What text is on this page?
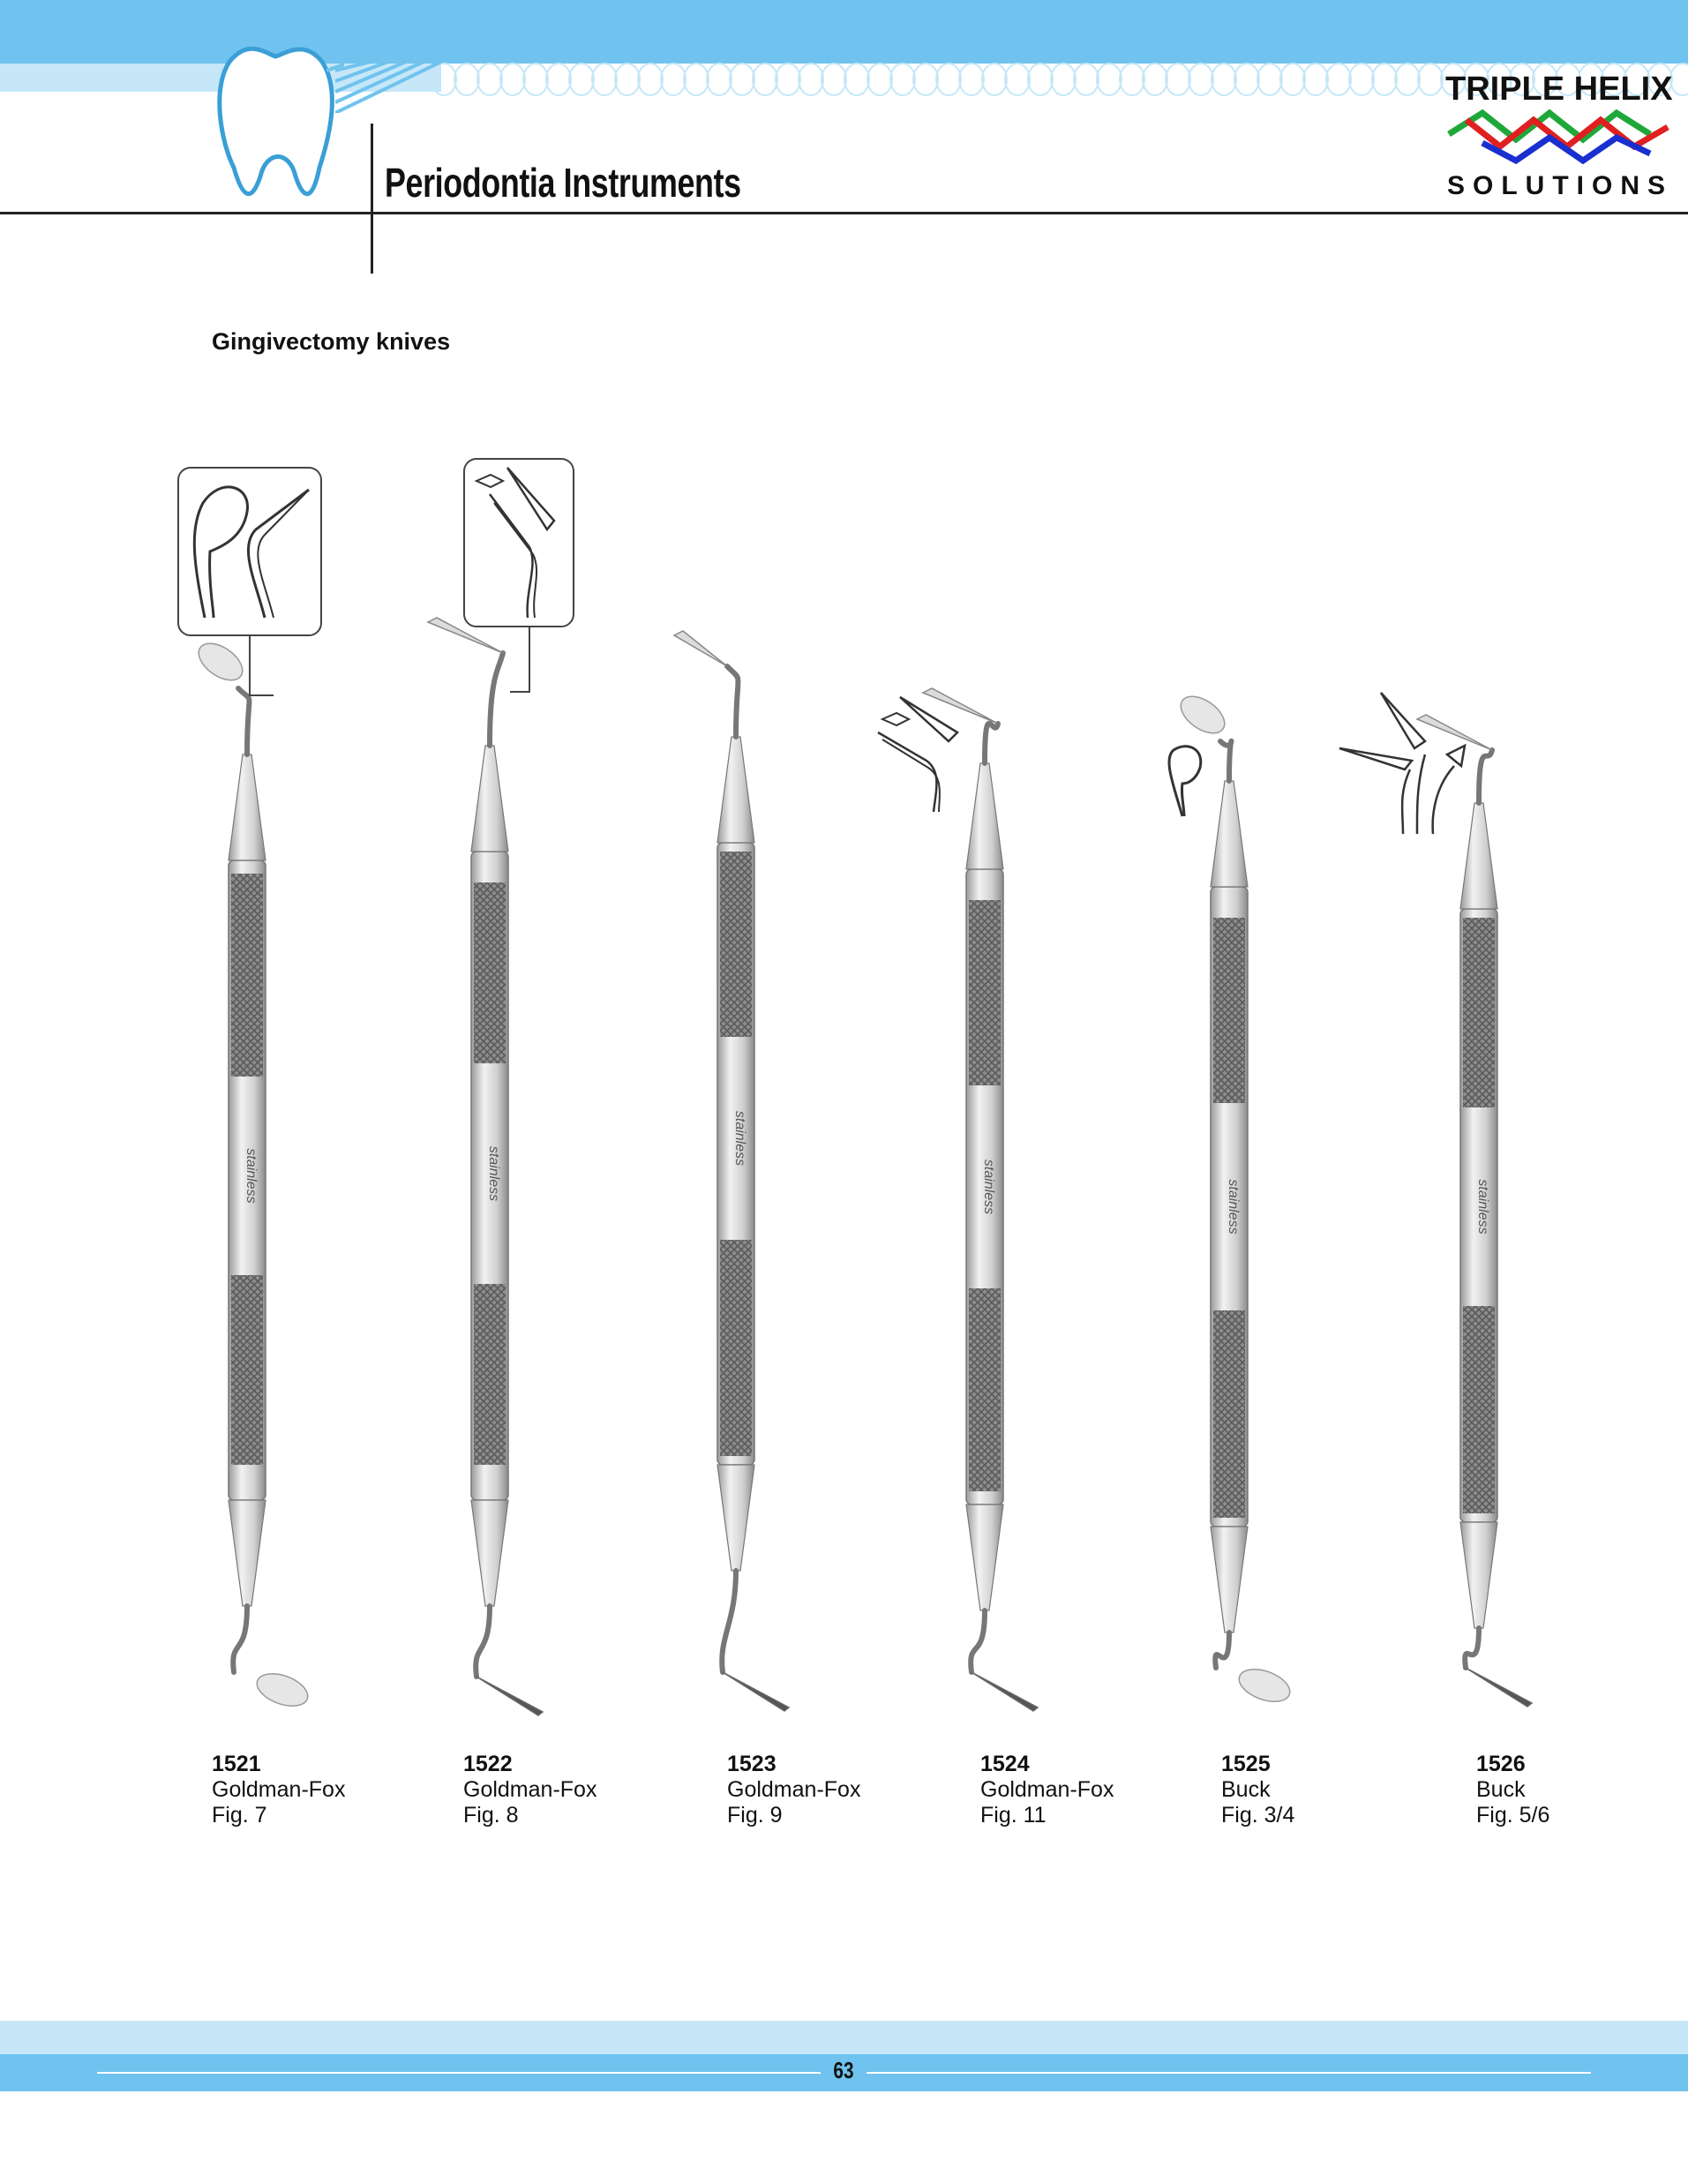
Periodontia Instruments
TRIPLE HELIX
SOLUTIONS
Gingivectomy knives
stainless	stainless
stainless
stainless	stainless	stainless
1521
Goldman-Fox
Fig. 7
1522
Goldman-Fox
Fig. 8
1523
Goldman-Fox
Fig. 9
1524
Goldman-Fox
Fig. 11
1525
Buck
Fig. 3/4
1526
Buck
Fig. 5/6
63
